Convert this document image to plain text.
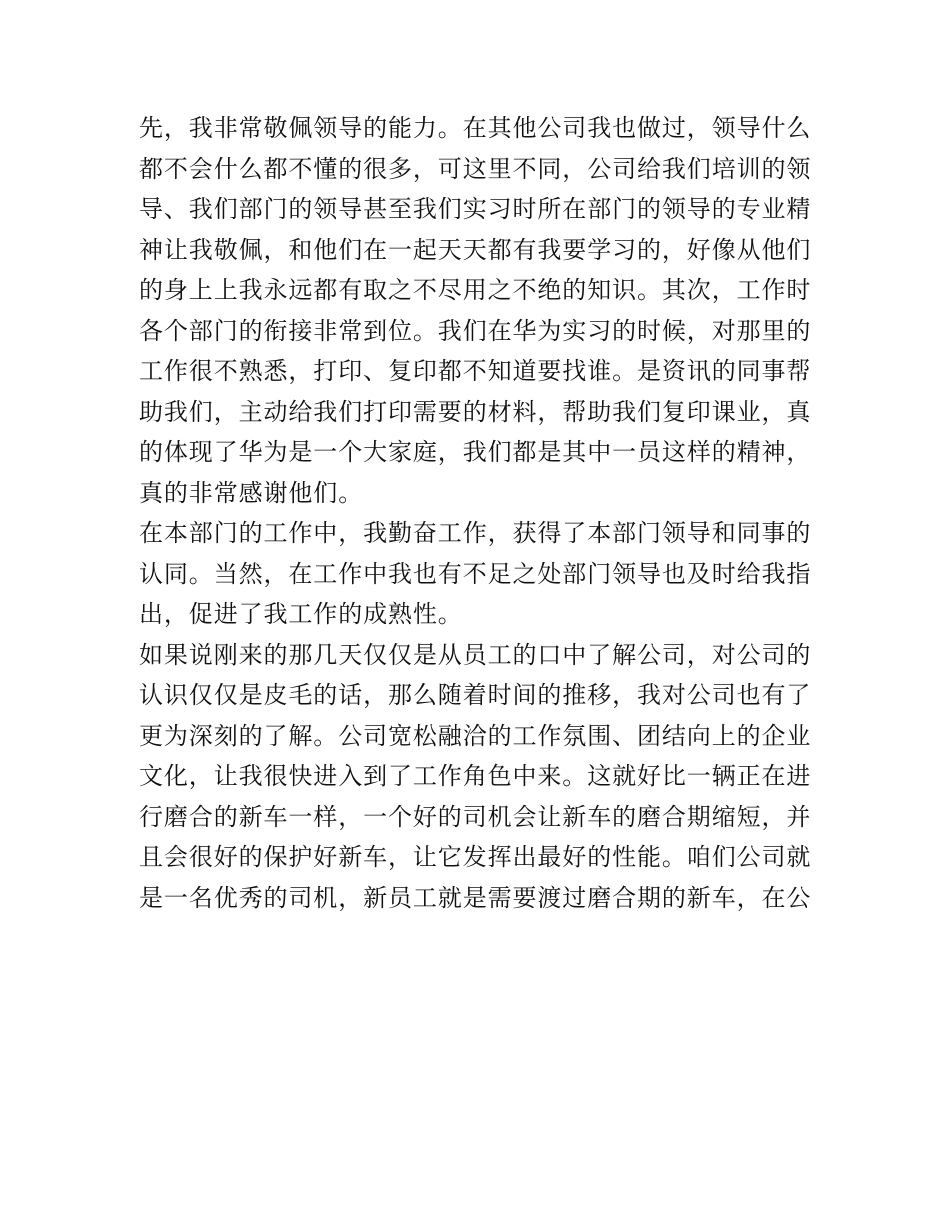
先，我非常敬佩领导的能力。在其他公司我也做过，领导什么
都不会什么都不懂的很多，可这里不同，公司给我们培训的领
导、我们部门的领导甚至我们实习时所在部门的领导的专业精
神让我敬佩，和他们在一起天天都有我要学习的，好像从他们
的身上上我永远都有取之不尽用之不绝的知识。其次，工作时
各个部门的衔接非常到位。我们在华为实习的时候，对那里的
工作很不熟悉，打印、复印都不知道要找谁。是资讯的同事帮
助我们，主动给我们打印需要的材料，帮助我们复印课业，真
的体现了华为是一个大家庭，我们都是其中一员这样的精神，
真的非常感谢他们。
在本部门的工作中，我勤奋工作，获得了本部门领导和同事的
认同。当然，在工作中我也有不足之处部门领导也及时给我指
出，促进了我工作的成熟性。
如果说刚来的那几天仅仅是从员工的口中了解公司，对公司的
认识仅仅是皮毛的话，那么随着时间的推移，我对公司也有了
更为深刻的了解。公司宽松融洽的工作氛围、团结向上的企业
文化，让我很快进入到了工作角色中来。这就好比一辆正在进
行磨合的新车一样，一个好的司机会让新车的磨合期缩短，并
且会很好的保护好新车，让它发挥出最好的性能。咱们公司就
是一名优秀的司机，新员工就是需要渡过磨合期的新车，在公
